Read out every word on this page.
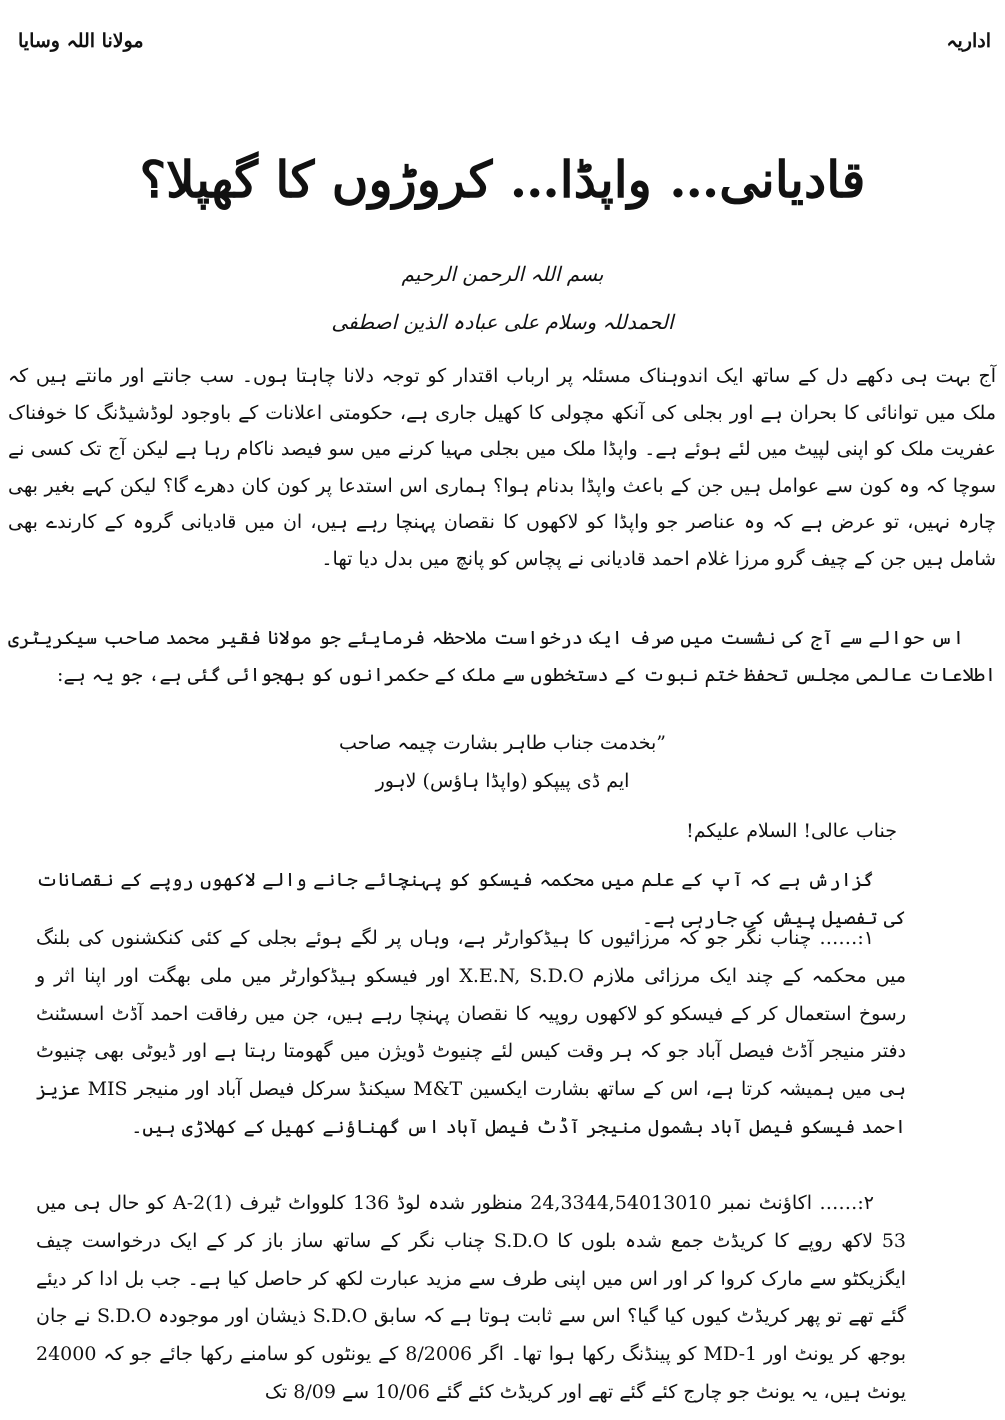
مولانا اللہ وسایا	اداریہ
قادیانی… واپڈا… کروڑوں کا گھپلا؟
بسم اللہ الرحمن الرحیم
الحمدللہ وسلام علی عبادہ الذین اصطفی
آج بہت ہی دکھے دل کے ساتھ ایک اندوہناک مسئلہ پر ارباب اقتدار کو توجہ دلانا چاہتا ہوں۔ سب جانتے اور مانتے ہیں کہ ملک میں توانائی کا بحران ہے اور بجلی کی آنکھ مچولی کا کھیل جاری ہے، حکومتی اعلانات کے باوجود لوڈشیڈنگ کا خوفناک عفریت ملک کو اپنی لپیٹ میں لئے ہوئے ہے۔ واپڈا ملک میں بجلی مہیا کرنے میں سو فیصد ناکام رہا ہے لیکن آج تک کسی نے سوچا کہ وہ کون سے عوامل ہیں جن کے باعث واپڈا بدنام ہوا؟ ہماری اس استدعا پر کون کان دھرے گا؟ لیکن کہے بغیر بھی چارہ نہیں، تو عرض ہے کہ وہ عناصر جو واپڈا کو لاکھوں کا نقصان پہنچا رہے ہیں، ان میں قادیانی گروہ کے کارندے بھی شامل ہیں جن کے چیف گرو مرزا غلام احمد قادیانی نے پچاس کو پانچ میں بدل دیا تھا۔
اس حوالے سے آج کی نشست میں صرف ایک درخواست ملاحظہ فرمایئے جو مولانا فقیر محمد صاحب سیکریٹری اطلاعات عالمی مجلس تحفظ ختم نبوت کے دستخطوں سے ملک کے حکمرانوں کو بھجوائی گئی ہے، جو یہ ہے:
”بخدمت جناب طاہر بشارت چیمہ صاحب
ایم ڈی پیپکو (واپڈا ہاؤس) لاہور
جناب عالی! السلام علیکم!
گزارش ہے کہ آپ کے علم میں محکمہ فیسکو کو پہنچائے جانے والے لاکھوں روپے کے نقصانات کی تفصیل پیش کی جارہی ہے۔
۱:…… چناب نگر جو کہ مرزائیوں کا ہیڈکوارٹر ہے، وہاں پر لگے ہوئے بجلی کے کئی کنکشنوں کی بلنگ میں محکمہ کے چند ایک مرزائی ملازم X.E.N, S.D.O اور فیسکو ہیڈکوارٹر میں ملی بھگت اور اپنا اثر و رسوخ استعمال کر کے فیسکو کو لاکھوں روپیہ کا نقصان پہنچا رہے ہیں، جن میں رفاقت احمد آڈٹ اسسٹنٹ دفتر منیجر آڈٹ فیصل آباد جو کہ ہر وقت کیس لئے چنیوٹ ڈویژن میں گھومتا رہتا ہے اور ڈیوٹی بھی چنیوٹ ہی میں ہمیشہ کرتا ہے، اس کے ساتھ بشارت ایکسین M&T سیکنڈ سرکل فیصل آباد اور منیجر MIS عزیز احمد فیسکو فیصل آباد بشمول منیجر آڈٹ فیصل آباد اس گھناؤنے کھیل کے کھلاڑی ہیں۔
۲:…… اکاؤنٹ نمبر 24,3344,54013010 منظور شدہ لوڈ 136 کلوواٹ ٹیرف A-2(1) کو حال ہی میں 53 لاکھ روپے کا کریڈٹ جمع شدہ بلوں کا S.D.O چناب نگر کے ساتھ ساز باز کر کے ایک درخواست چیف ایگزیکٹو سے مارک کروا کر اور اس میں اپنی طرف سے مزید عبارت لکھ کر حاصل کیا ہے۔ جب بل ادا کر دیئے گئے تھے تو پھر کریڈٹ کیوں کیا گیا؟ اس سے ثابت ہوتا ہے کہ سابق S.D.O ذیشان اور موجودہ S.D.O نے جان بوجھ کر یونٹ اور MD-1 کو پینڈنگ رکھا ہوا تھا۔ اگر 8/2006 کے یونٹوں کو سامنے رکھا جائے جو کہ 24000 یونٹ ہیں، یہ یونٹ جو چارج کئے گئے تھے اور کریڈٹ کئے گئے 10/06 سے 8/09 تک
